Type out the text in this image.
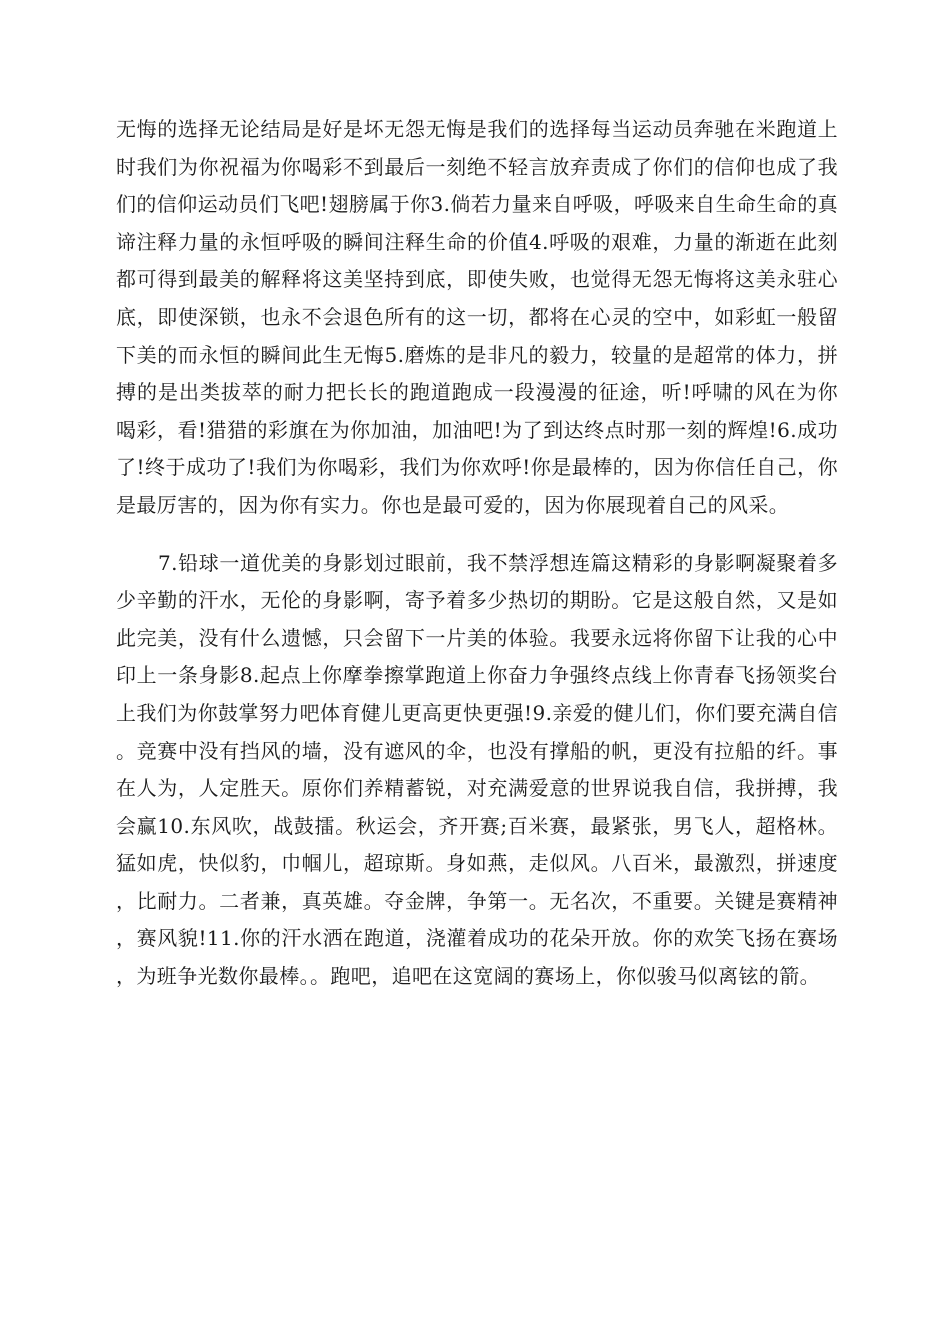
无悔的选择无论结局是好是坏无怨无悔是我们的选择每当运动员奔驰在米跑道上时我们为你祝福为你喝彩不到最后一刻绝不轻言放弃责成了你们的信仰也成了我们的信仰运动员们飞吧!翅膀属于你3.倘若力量来自呼吸，呼吸来自生命生命的真谛注释力量的永恒呼吸的瞬间注释生命的价值4.呼吸的艰难，力量的渐逝在此刻都可得到最美的解释将这美坚持到底，即使失败，也觉得无怨无悔将这美永驻心底，即使深锁，也永不会退色所有的这一切，都将在心灵的空中，如彩虹一般留下美的而永恒的瞬间此生无悔5.磨炼的是非凡的毅力，较量的是超常的体力，拼搏的是出类拔萃的耐力把长长的跑道跑成一段漫漫的征途，听!呼啸的风在为你喝彩，看!猎猎的彩旗在为你加油，加油吧!为了到达终点时那一刻的辉煌!6.成功了!终于成功了!我们为你喝彩，我们为你欢呼!你是最棒的，因为你信任自己，你是最厉害的，因为你有实力。你也是最可爱的，因为你展现着自己的风采。

7.铅球一道优美的身影划过眼前，我不禁浮想连篇这精彩的身影啊凝聚着多少辛勤的汗水，无伦的身影啊，寄予着多少热切的期盼。它是这般自然，又是如此完美，没有什么遗憾，只会留下一片美的体验。我要永远将你留下让我的心中印上一条身影8.起点上你摩拳擦掌跑道上你奋力争强终点线上你青春飞扬领奖台上我们为你鼓掌努力吧体育健儿更高更快更强!9.亲爱的健儿们，你们要充满自信。竞赛中没有挡风的墙，没有遮风的伞，也没有撑船的帆，更没有拉船的纤。事在人为，人定胜天。原你们养精蓄锐，对充满爱意的世界说我自信，我拼搏，我会赢10.东风吹，战鼓擂。秋运会，齐开赛;百米赛，最紧张，男飞人，超格林。猛如虎，快似豹，巾帼儿，超琼斯。身如燕，走似风。八百米，最激烈，拼速度，比耐力。二者兼，真英雄。夺金牌，争第一。无名次，不重要。关键是赛精神，赛风貌!11.你的汗水洒在跑道，浇灌着成功的花朵开放。你的欢笑飞扬在赛场，为班争光数你最棒。。跑吧，追吧在这宽阔的赛场上，你似骏马似离铉的箭。
